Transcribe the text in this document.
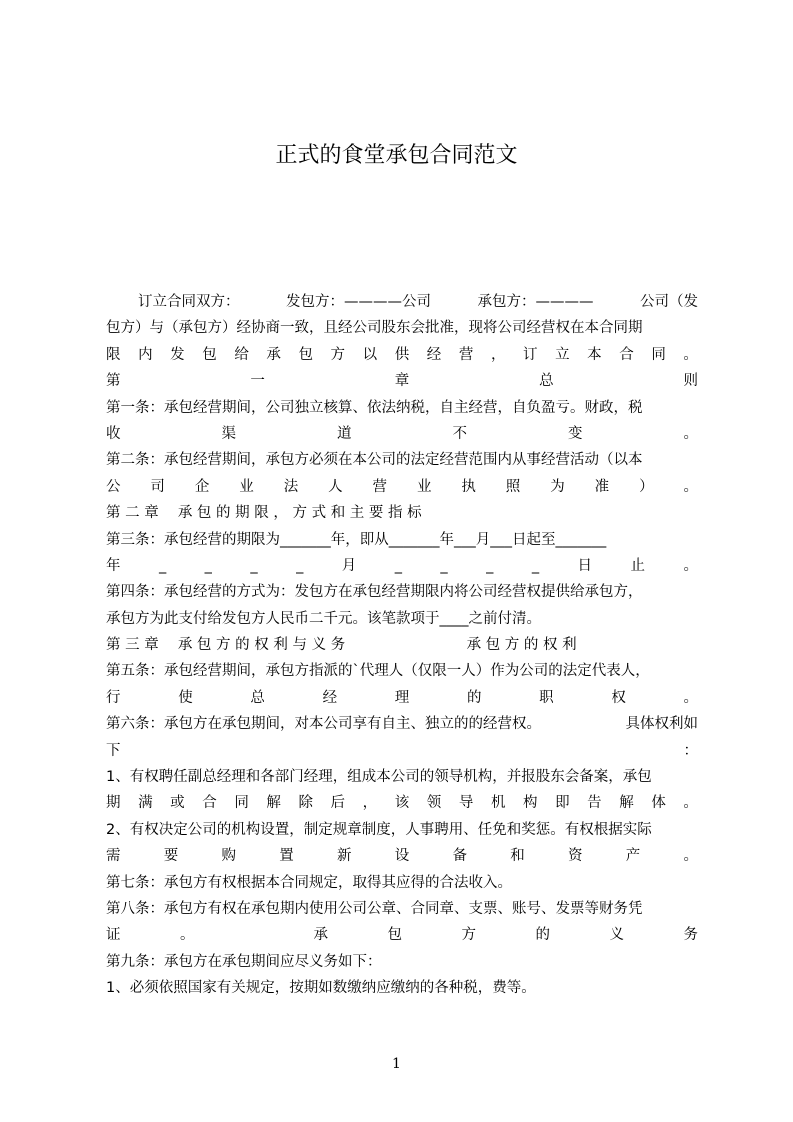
正式的食堂承包合同范文
订立合同双方：	发包方：————公司	承包方：————	公司（发
包方）与（承包方）经协商一致，且经公司股东会批准，现将公司经营权在本合同期
限 内 发 包 给 承 包 方 以 供 经 营 ， 订 立 本 合 同 。
第	一	章	总	则
第一条：承包经营期间，公司独立核算、依法纳税，自主经营，自负盈亏。财政，税
收	渠	道	不	变	。
第二条：承包经营期间，承包方必须在本公司的法定经营范围内从事经营活动（以本
公 司 企 业 法 人 营 业 执 照 为 准 ） 。
第 二 章　 承 包 的 期 限 ， 方 式 和 主 要 指 标
第三条：承包经营的期限为_______年，即从_______年___月___日起至_______
年	_	_	_	_	月	_	_	_	_	日	止	。
第四条：承包经营的方式为：发包方在承包经营期限内将公司经营权提供给承包方，
承包方为此支付给发包方人民币二千元。该笔款项于____之前付清。
第 三 章　 承 包 方 的 权 利 与 义 务	承 包 方 的 权 利
第五条：承包经营期间，承包方指派的`代理人（仅限一人）作为公司的法定代表人，
行	使	总	经	理	的	职	权	。
第六条：承包方在承包期间，对本公司享有自主、独立的的经营权。	具体权利如
下	：
1、有权聘任副总经理和各部门经理，组成本公司的领导机构，并报股东会备案，承包
期 满 或 合 同 解 除 后 ， 该 领 导 机 构 即 告 解 体 。
2、有权决定公司的机构设置，制定规章制度，人事聘用、任免和奖惩。有权根据实际
需	要	购	置	新	设	备	和	资	产	。
第七条：承包方有权根据本合同规定，取得其应得的合法收入。
第八条：承包方有权在承包期内使用公司公章、合同章、支票、账号、发票等财务凭
证	。	承	包	方	的	义	务
第九条：承包方在承包期间应尽义务如下：
1、必须依照国家有关规定，按期如数缴纳应缴纳的各种税，费等。
1
